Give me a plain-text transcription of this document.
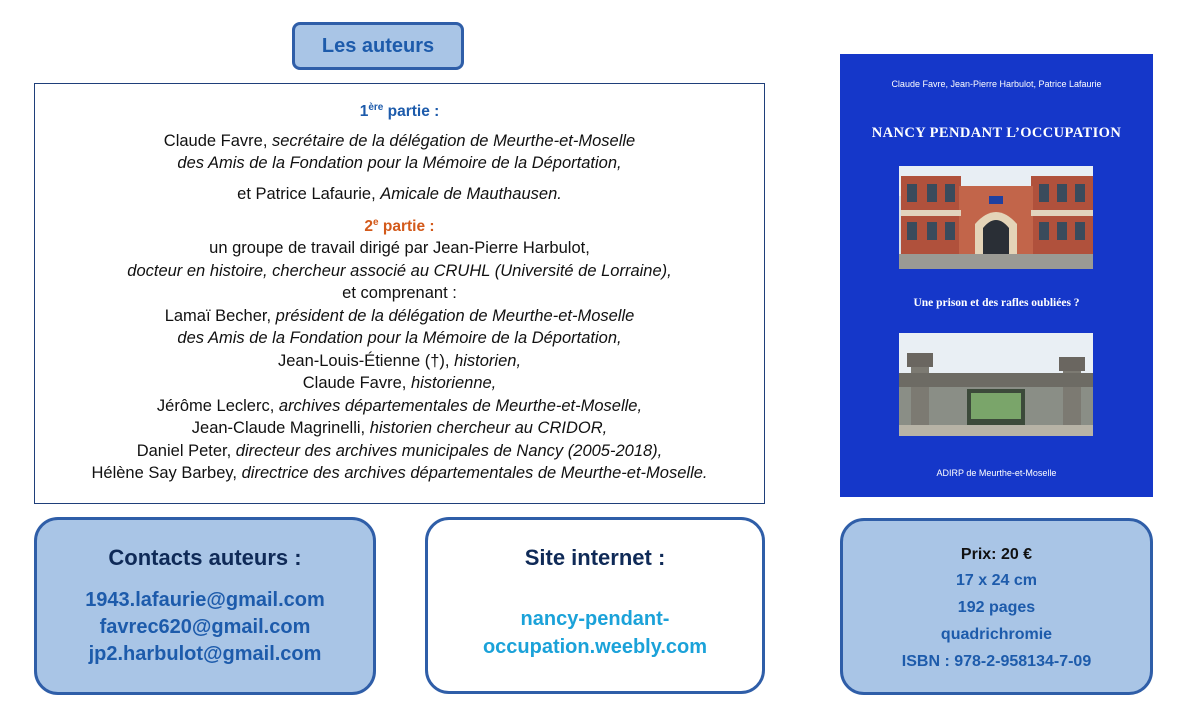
Les auteurs
1ère partie :

Claude Favre, secrétaire de la délégation de Meurthe-et-Moselle

des Amis de la Fondation pour la Mémoire de la Déportation,

et Patrice Lafaurie, Amicale de Mauthausen.

2e partie :

un groupe de travail dirigé par Jean-Pierre Harbulot,

docteur en histoire, chercheur associé au CRUHL (Université de Lorraine),

et comprenant :

Lamaï Becher, président de la délégation de Meurthe-et-Moselle

des Amis de la Fondation pour la Mémoire de la Déportation,

Jean-Louis-Étienne (†), historien,

Claude Favre, historienne,

Jérôme Leclerc, archives départementales de Meurthe-et-Moselle,

Jean-Claude Magrinelli, historien chercheur au CRIDOR,

Daniel Peter, directeur des archives municipales de Nancy (2005-2018),

Hélène Say Barbey, directrice des archives départementales de Meurthe-et-Moselle.

Claude Favre, Jean-Pierre Harbulot, Patrice Lafaurie
NANCY PENDANT L’OCCUPATION
Une prison et des rafles oubliées ?
ADIRP de Meurthe-et-Moselle
Contacts auteurs :
1943.lafaurie@gmail.com
favrec620@gmail.com
jp2.harbulot@gmail.com
Site internet :
nancy-pendant-
occupation.weebly.com
Prix: 20 €
17 x 24 cm
192 pages
quadrichromie
ISBN : 978-2-958134-7-09
